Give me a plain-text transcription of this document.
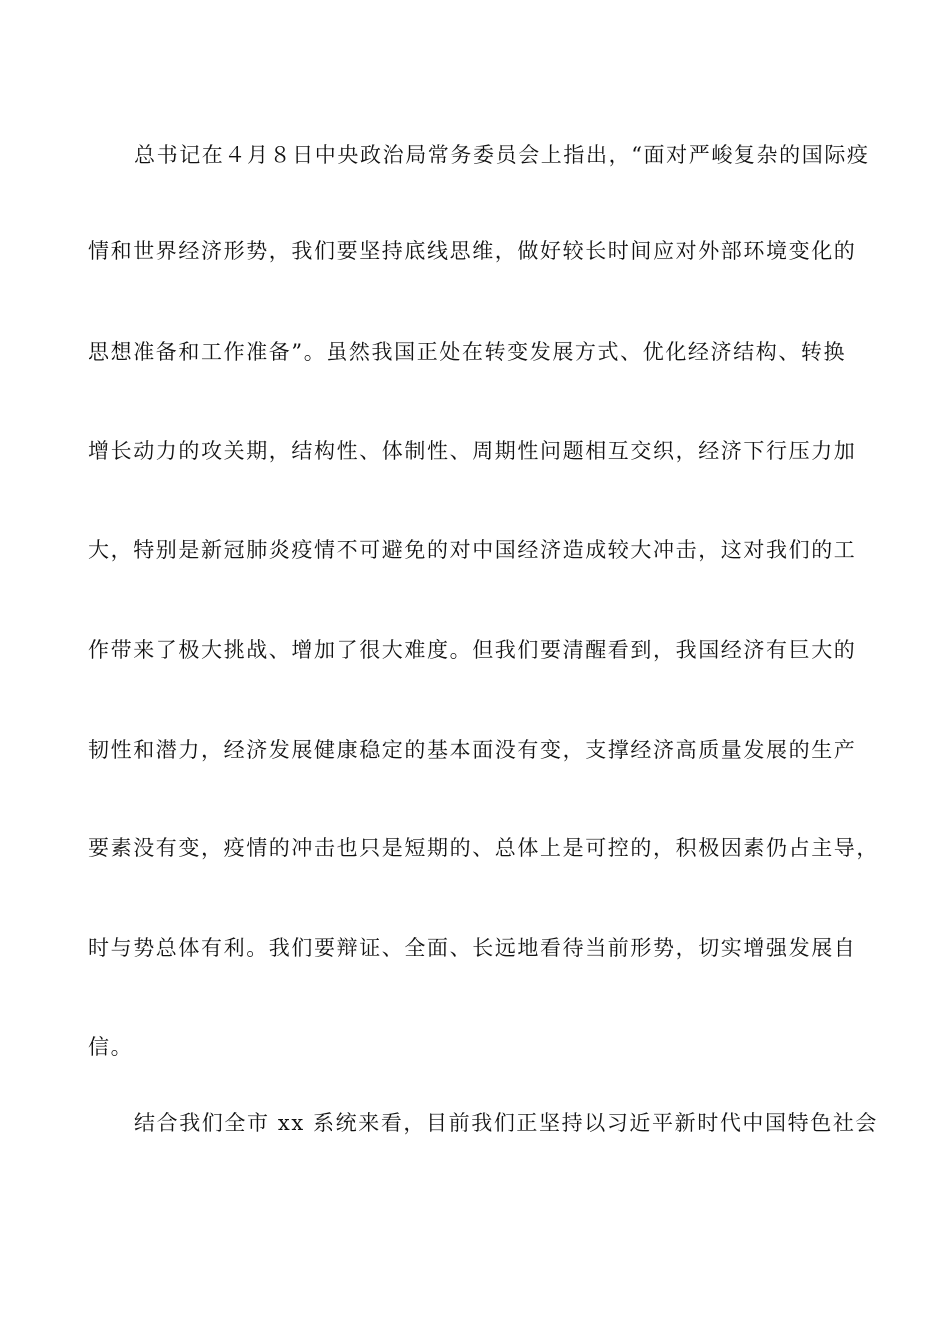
总书记在４月８日中央政治局常务委员会上指出，“面对严峻复杂的国际疫
情和世界经济形势，我们要坚持底线思维，做好较长时间应对外部环境变化的
思想准备和工作准备”。虽然我国正处在转变发展方式、优化经济结构、转换
增长动力的攻关期，结构性、体制性、周期性问题相互交织，经济下行压力加
大，特别是新冠肺炎疫情不可避免的对中国经济造成较大冲击，这对我们的工
作带来了极大挑战、增加了很大难度。但我们要清醒看到，我国经济有巨大的
韧性和潜力，经济发展健康稳定的基本面没有变，支撑经济高质量发展的生产
要素没有变，疫情的冲击也只是短期的、总体上是可控的，积极因素仍占主导，
时与势总体有利。我们要辩证、全面、长远地看待当前形势，切实增强发展自
信。
结合我们全市 xx 系统来看，目前我们正坚持以习近平新时代中国特色社会
